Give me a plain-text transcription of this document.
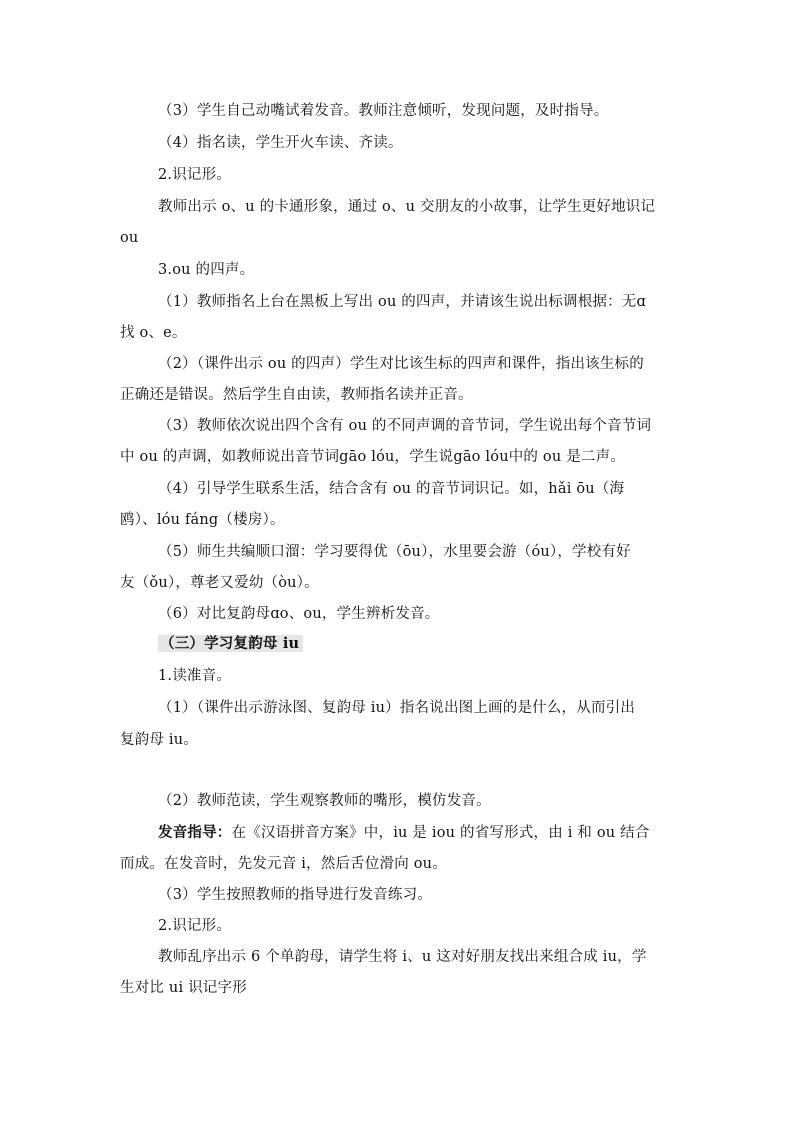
（3）学生自己动嘴试着发音。教师注意倾听，发现问题，及时指导。
（4）指名读，学生开火车读、齐读。
2.识记形。
教师出示 o、u 的卡通形象，通过 o、u 交朋友的小故事，让学生更好地识记
ou
3.ou 的四声。
（1）教师指名上台在黑板上写出 ou 的四声，并请该生说出标调根据：无ɑ
找 o、e。
（2）（课件出示 ou 的四声）学生对比该生标的四声和课件，指出该生标的
正确还是错误。然后学生自由读，教师指名读并正音。
（3）教师依次说出四个含有 ou 的不同声调的音节词，学生说出每个音节词
中 ou 的声调，如教师说出音节词gāo lóu，学生说gāo lóu中的 ou 是二声。
（4）引导学生联系生活，结合含有 ou 的音节词识记。如，hǎi ōu（海
鸥）、lóu fáng（楼房）。
（5）师生共编顺口溜：学习要得优（ōu），水里要会游（óu），学校有好
友（ǒu），尊老又爱幼（òu）。
（6）对比复韵母ɑo、ou，学生辨析发音。
（三）学习复韵母 iu
1.读准音。
（1）（课件出示游泳图、复韵母 iu）指名说出图上画的是什么，从而引出
复韵母 iu。
（2）教师范读，学生观察教师的嘴形，模仿发音。
发音指导：在《汉语拼音方案》中，iu 是 iou 的省写形式，由 i 和 ou 结合
而成。在发音时，先发元音 i，然后舌位滑向 ou。
（3）学生按照教师的指导进行发音练习。
2.识记形。
教师乱序出示 6 个单韵母，请学生将 i、u 这对好朋友找出来组合成 iu，学
生对比 ui 识记字形
